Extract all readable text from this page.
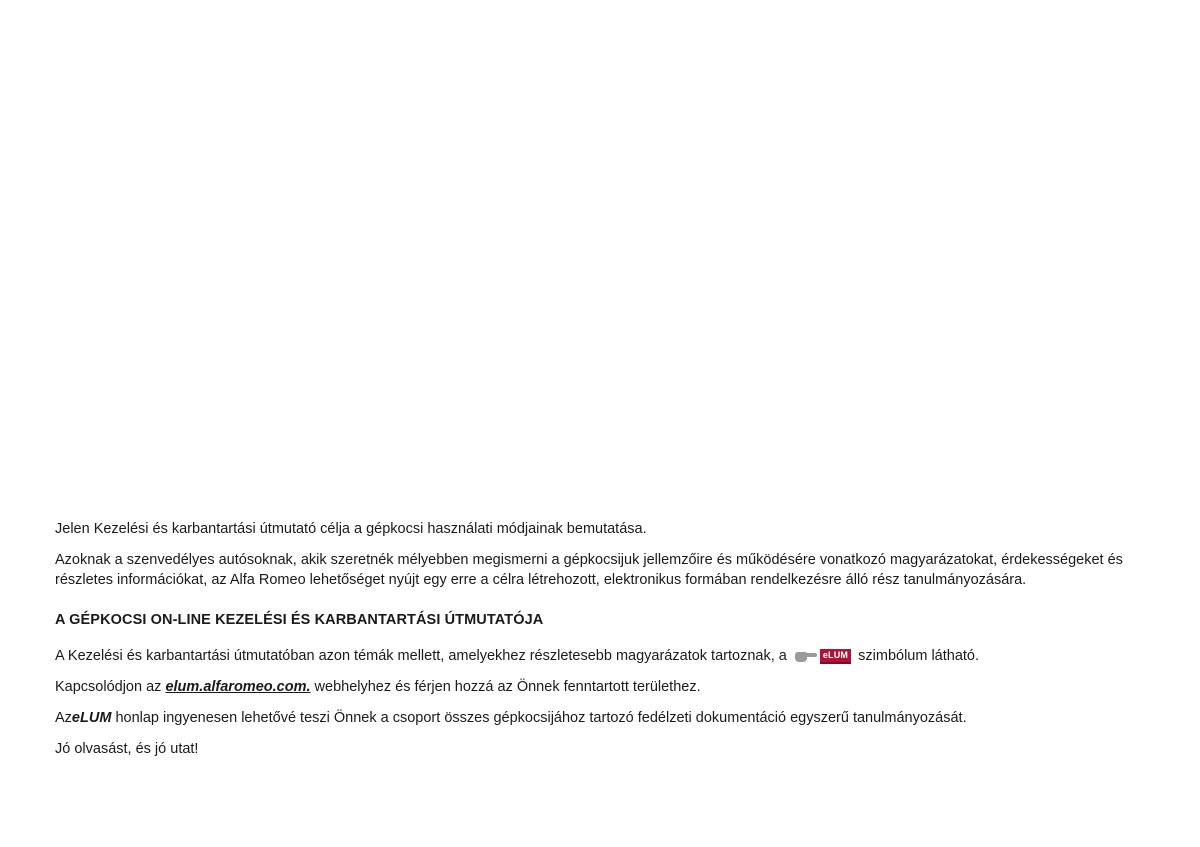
Jelen Kezelési és karbantartási útmutató célja a gépkocsi használati módjainak bemutatása.

Azoknak a szenvedélyes autósoknak, akik szeretnék mélyebben megismerni a gépkocsijuk jellemzőire és működésére vonatkozó magyarázatokat, érdekességeket és részletes információkat, az Alfa Romeo lehetőséget nyújt egy erre a célra létrehozott, elektronikus formában rendelkezésre álló rész tanulmányozására.

A GÉPKOCSI ON-LINE KEZELÉSI ÉS KARBANTARTÁSI ÚTMUTATÓJA

A Kezelési és karbantartási útmutatóban azon témák mellett, amelyekhez részletesebb magyarázatok tartoznak, a	eLUM szimbólum látható.

Kapcsolódjon az elum.alfaromeo.com. webhelyhez és férjen hozzá az Önnek fenntartott területhez.

AzeLUM honlap ingyenesen lehetővé teszi Önnek a csoport összes gépkocsijához tartozó fedélzeti dokumentáció egyszerű tanulmányozását.

Jó olvasást, és jó utat!
